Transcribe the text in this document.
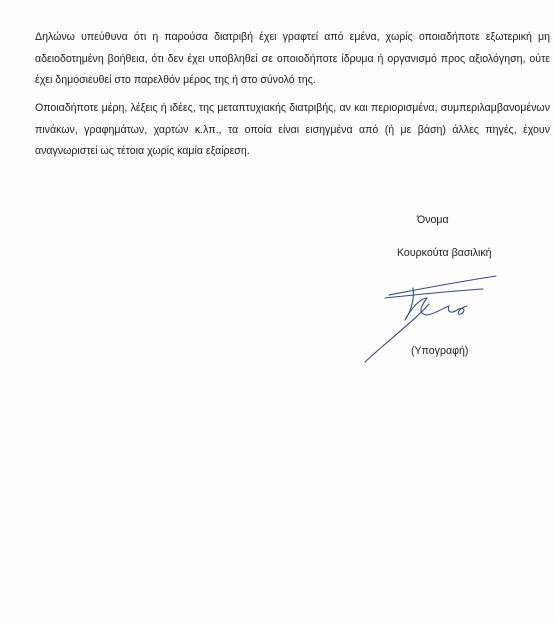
Δηλώνω υπεύθυνα ότι η παρούσα διατριβή έχει γραφτεί από εμένα, χωρίς οποιαδήποτε εξωτερική μη αδειοδοτημένη βοήθεια, ότι δεν έχει υποβληθεί σε οποιοδήποτε ίδρυμα ή οργανισμό προς αξιολόγηση, ούτε έχει δημοσιευθεί στο παρελθόν μέρος της ή στο σύνολό της.

Οποιαδήποτε μέρη, λέξεις ή ιδέες, της μεταπτυχιακής διατριβής, αν και περιορισμένα, συμπεριλαμβανομένων πινάκων, γραφημάτων, χαρτών κ.λπ., τα οποία είναι εισηγμένα από (ή με βάση) άλλες πηγές, έχουν αναγνωριστεί ως τέτοια χωρίς καμία εξαίρεση.

Όνομα
Κουρκούτα βασιλική
(Υπογραφή)
